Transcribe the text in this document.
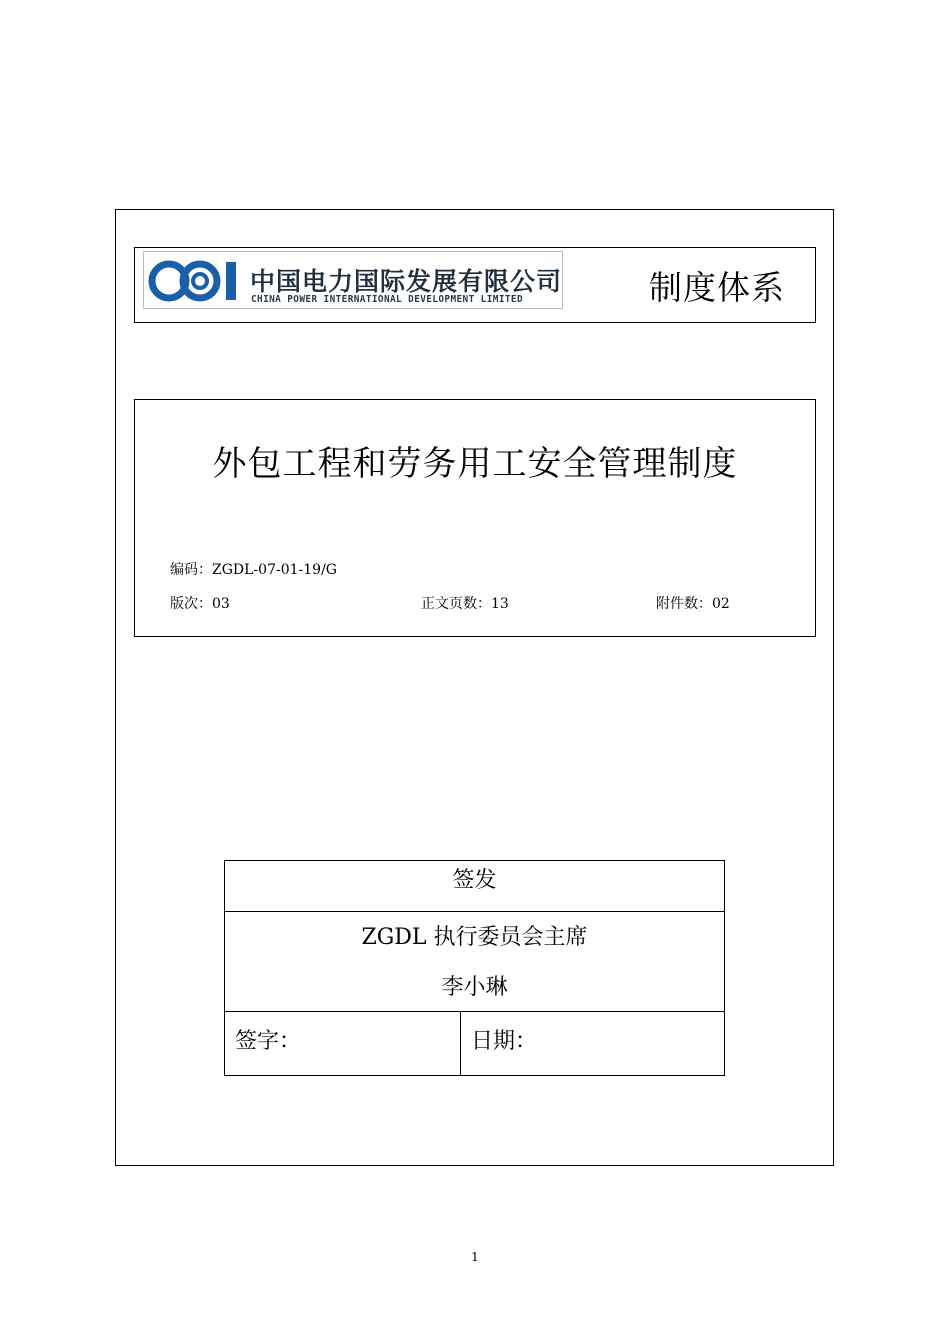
中国电力国际发展有限公司
CHINA POWER INTERNATIONAL DEVELOPMENT LIMITED	制度体系
外包工程和劳务用工安全管理制度
编码：ZGDL-07-01-19/G
版次：03	正文页数：13	附件数：02
签发
ZGDL 执行委员会主席
李小琳
签字：	日期：
1
